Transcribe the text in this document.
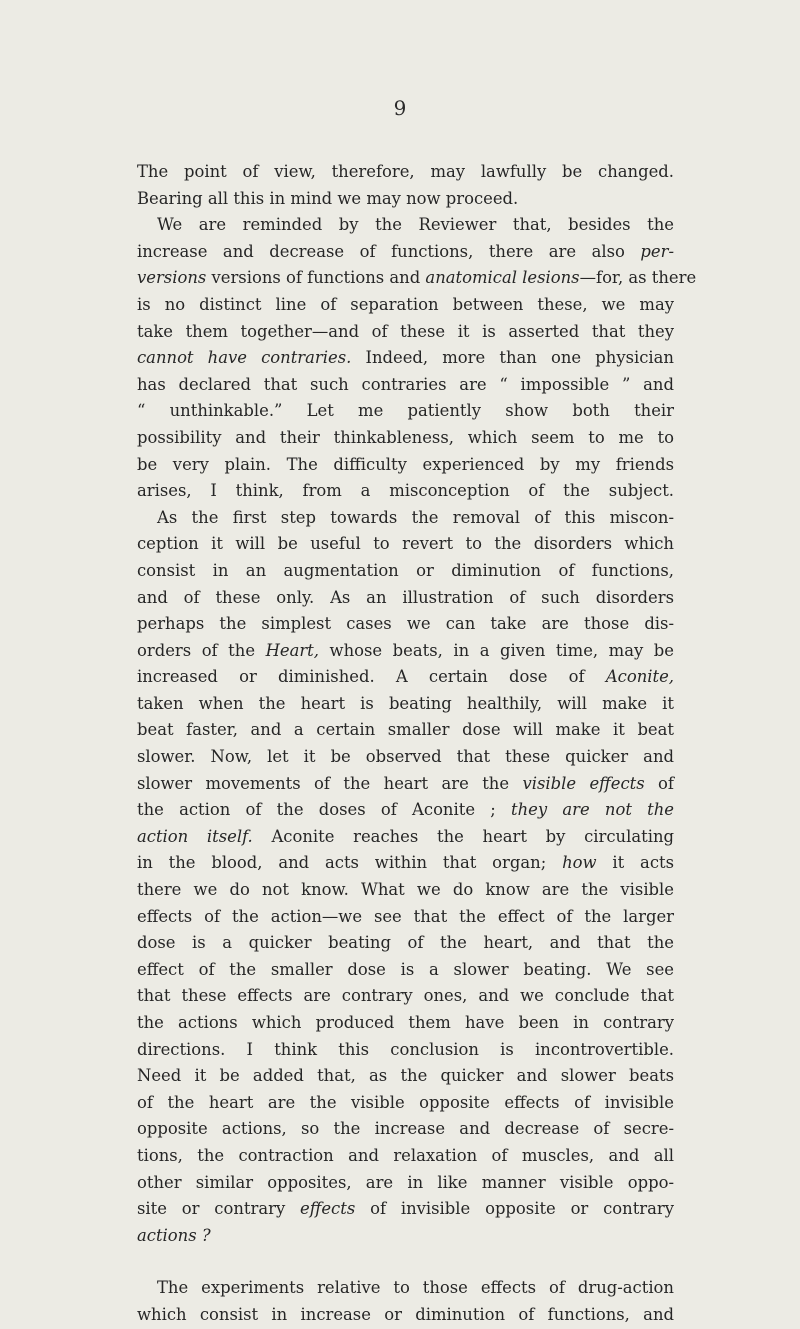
9
The point of view, therefore, may lawfully be changed.
Bearing all this in mind we may now proceed.
We are reminded by the Reviewer that, besides the
increase and decrease of functions, there are also per-
versions versions of functions and anatomical lesions—for, as there
is no distinct line of separation between these, we may
take them together—and of these it is asserted that they
cannot have contraries. Indeed, more than one physician
has declared that such contraries are “ impossible ” and
“ unthinkable.” Let me patiently show both their
possibility and their thinkableness, which seem to me to
be very plain. The difficulty experienced by my friends
arises, I think, from a misconception of the subject.
As the first step towards the removal of this miscon-
ception it will be useful to revert to the disorders which
consist in an augmentation or diminution of functions,
and of these only. As an illustration of such disorders
perhaps the simplest cases we can take are those dis-
orders of the Heart, whose beats, in a given time, may be
increased or diminished. A certain dose of Aconite,
taken when the heart is beating healthily, will make it
beat faster, and a certain smaller dose will make it beat
slower. Now, let it be observed that these quicker and
slower movements of the heart are the visible effects of
the action of the doses of Aconite ; they are not the
action itself. Aconite reaches the heart by circulating
in the blood, and acts within that organ; how it acts
there we do not know. What we do know are the visible
effects of the action—we see that the effect of the larger
dose is a quicker beating of the heart, and that the
effect of the smaller dose is a slower beating. We see
that these effects are contrary ones, and we conclude that
the actions which produced them have been in contrary
directions. I think this conclusion is incontrovertible.
Need it be added that, as the quicker and slower beats
of the heart are the visible opposite effects of invisible
opposite actions, so the increase and decrease of secre-
tions, the contraction and relaxation of muscles, and all
other similar opposites, are in like manner visible oppo-
site or contrary effects of invisible opposite or contrary
actions ?
The experiments relative to those effects of drug-action
which consist in increase or diminution of functions, and
